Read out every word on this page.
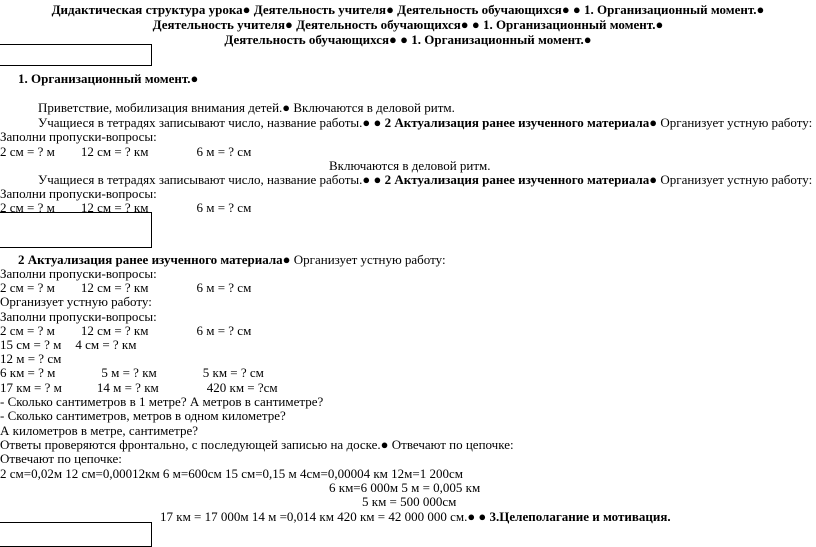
Дидактическая структура урока● Деятельность учителя● Деятельность обучающихся● ● 1. Организационный момент.●
Деятельность учителя● Деятельность обучающихся● ● 1. Организационный момент.●
Деятельность обучающихся● ● 1. Организационный момент.●
1. Организационный момент.●
Приветствие, мобилизация внимания детей.● Включаются в деловой ритм.
Учащиеся в тетрадях записывают число, название работы.● ● 2 Актуализация ранее изученного материала● Организует устную работу:
Заполни пропуски-вопросы:
2 см = ? м 12 см = ? км	6 м = ? см
Включаются в деловой ритм.
Учащиеся в тетрадях записывают число, название работы.● ● 2 Актуализация ранее изученного материала● Организует устную работу:
Заполни пропуски-вопросы:
2 см = ? м 12 см = ? км	6 м = ? см
2 Актуализация ранее изученного материала● Организует устную работу:
Заполни пропуски-вопросы:
2 см = ? м 12 см = ? км	6 м = ? см
Организует устную работу:
Заполни пропуски-вопросы:
2 см = ? м 12 см = ? км	6 м = ? см
15 см = ? м 4 см = ? км
12 м = ? см
6 км = ? м	5 м = ? км	5 км = ? см
17 км = ? м	14 м = ? км	420 км = ?см
- Сколько сантиметров в 1 метре? А метров в сантиметре?
- Сколько сантиметров, метров в одном километре?
А километров в метре, сантиметре?
Ответы проверяются фронтально, с последующей записью на доске.● Отвечают по цепочке:
Отвечают по цепочке:
2 см=0,02м 12 см=0,00012км 6 м=600см 15 см=0,15 м 4см=0,00004 км 12м=1 200см
6 км=6 000м 5 м = 0,005 км
5 км = 500 000см
17 км = 17 000м 14 м =0,014 км 420 км = 42 000 000 см.● ● 3.Целеполагание и мотивация.
